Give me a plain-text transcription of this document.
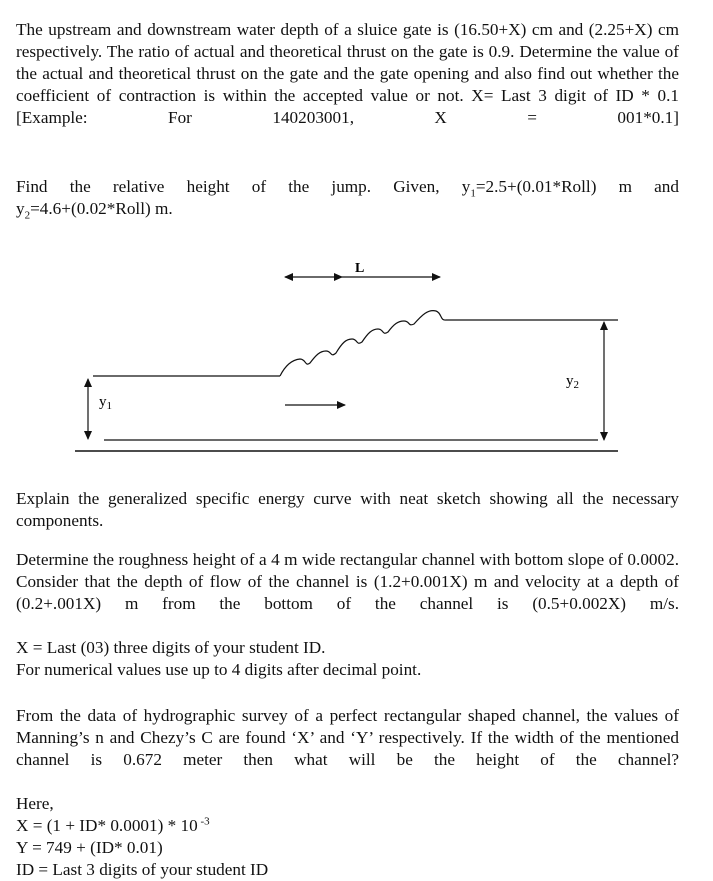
The upstream and downstream water depth of a sluice gate is (16.50+X) cm and (2.25+X) cm respectively. The ratio of actual and theoretical thrust on the gate is 0.9. Determine the value of the actual and theoretical thrust on the gate and the gate opening and also find out whether the coefficient of contraction is within the accepted value or not. X= Last 3 digit of ID * 0.1 [Example: For 140203001, X = 001*0.1]

Find the relative height of the jump. Given, $y_1=2.5+(0.01*Roll)$ m and
$y_2=4.6+(0.02*Roll)$ m.
L
$y_1$
$y_2$

Explain the generalized specific energy curve with neat sketch showing all the necessary components.

Determine the roughness height of a 4 m wide rectangular channel with bottom slope of 0.0002. Consider that the depth of flow of the channel is (1.2+0.001X) m and velocity at a depth of (0.2+.001X) m from the bottom of the channel is (0.5+0.002X) m/s.

X = Last (03) three digits of your student ID.
For numerical values use up to 4 digits after decimal point.

From the data of hydrographic survey of a perfect rectangular shaped channel, the values of Manning’s n and Chezy’s C are found ‘X’ and ‘Y’ respectively. If the width of the mentioned channel is 0.672 meter then what will be the height of the channel?

Here,
X = (1 + ID* 0.0001) * 10 $^{-3}$
Y = 749 + (ID* 0.01)
ID = Last 3 digits of your student ID
